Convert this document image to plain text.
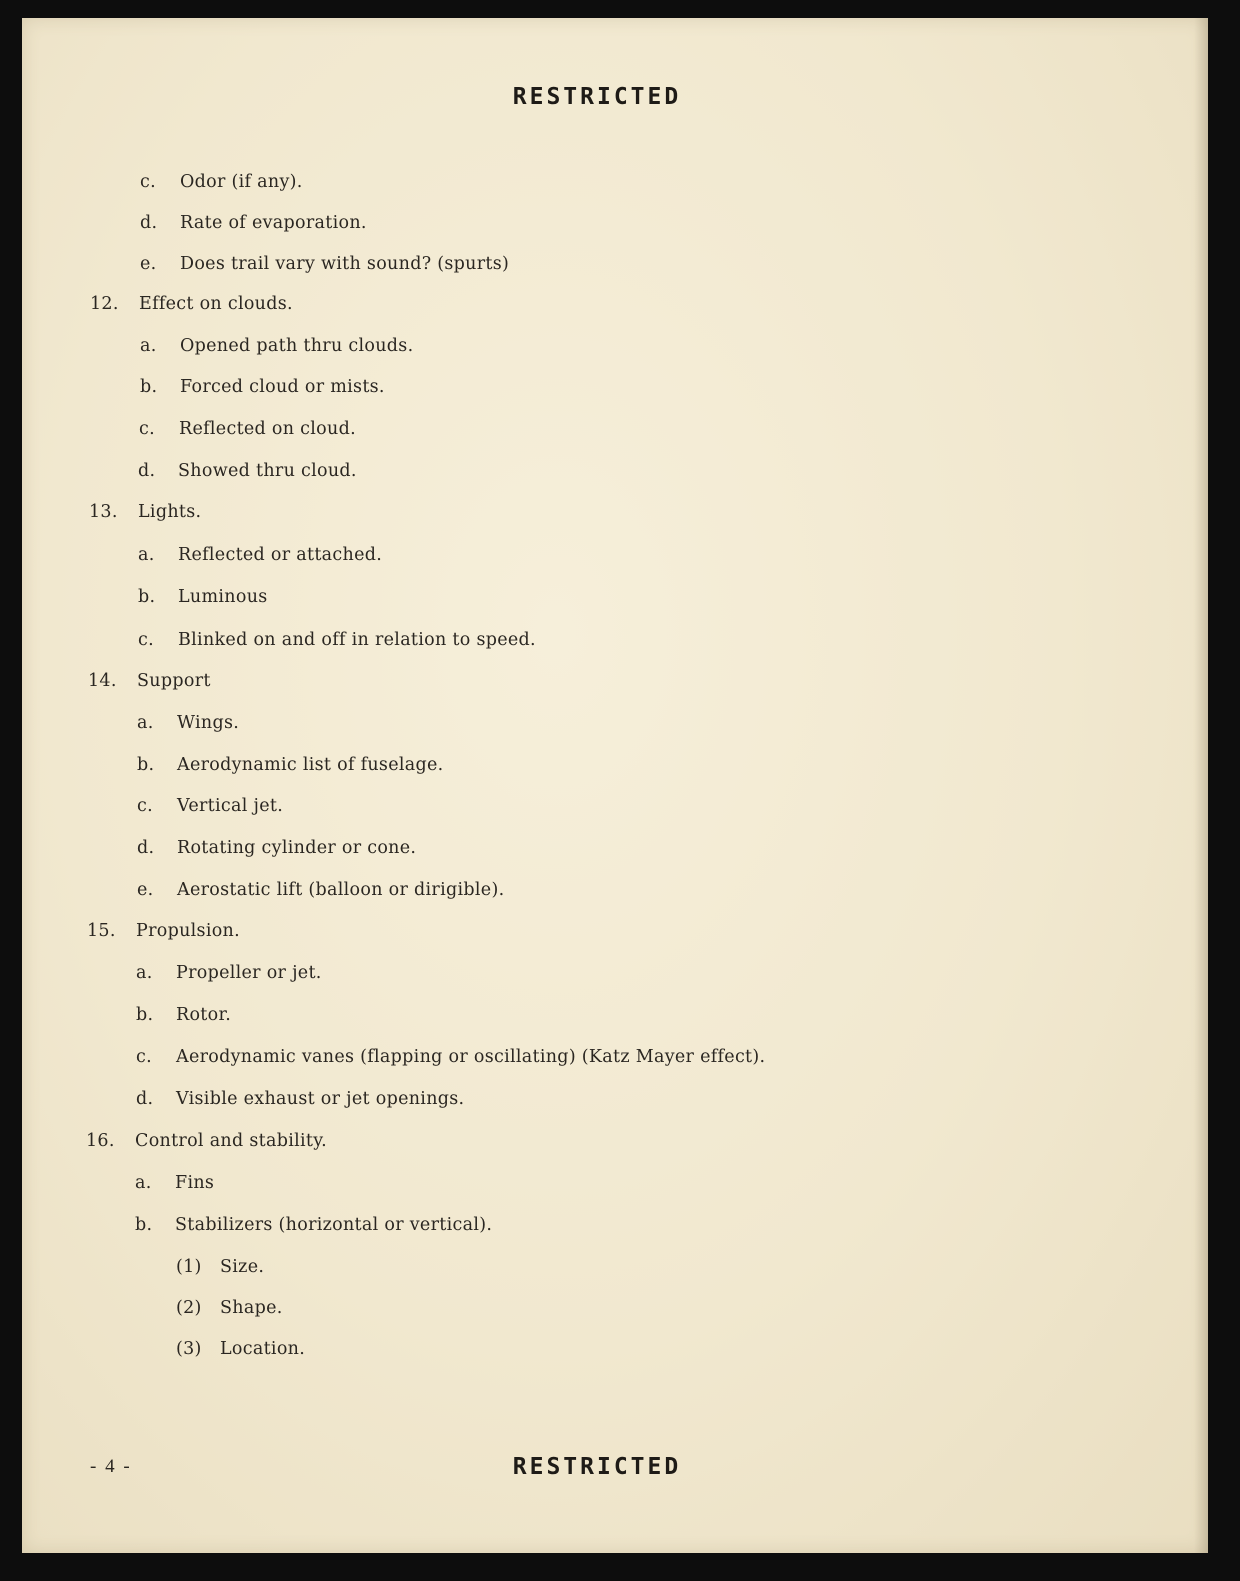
RESTRICTED
c. Odor (if any).
d. Rate of evaporation.
e. Does trail vary with sound? (spurts)
12. Effect on clouds.
a. Opened path thru clouds.
b. Forced cloud or mists.
c. Reflected on cloud.
d. Showed thru cloud.
13. Lights.
a. Reflected or attached.
b. Luminous
c. Blinked on and off in relation to speed.
14. Support
a. Wings.
b. Aerodynamic list of fuselage.
c. Vertical jet.
d. Rotating cylinder or cone.
e. Aerostatic lift (balloon or dirigible).
15. Propulsion.
a. Propeller or jet.
b. Rotor.
c. Aerodynamic vanes (flapping or oscillating) (Katz Mayer effect).
d. Visible exhaust or jet openings.
16. Control and stability.
a. Fins
b. Stabilizers (horizontal or vertical).
(1) Size.
(2) Shape.
(3) Location.
- 4 -	RESTRICTED
